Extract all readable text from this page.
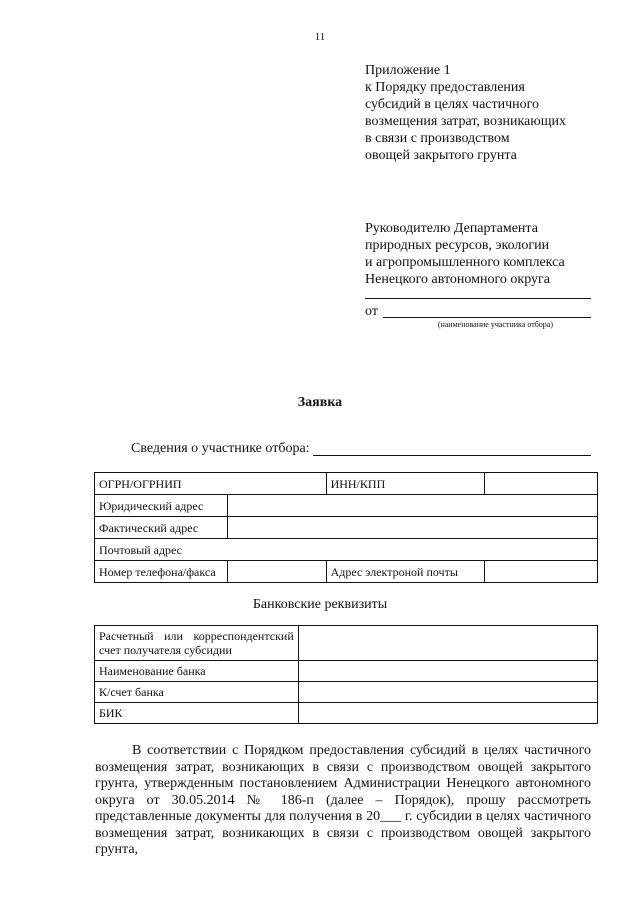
11
Приложение 1
к Порядку предоставления
субсидий в целях частичного
возмещения затрат, возникающих
в связи с производством
овощей закрытого грунта
Руководителю Департамента
природных ресурсов, экологии
и агропромышленного комплекса
Ненецкого автономного округа
от
(наименование участника отбора)
Заявка
Сведения о участнике отбора:
ОГРН/ОГРНИП		ИНН/КПП	
Юридический адрес			
Фактический адрес			
Почтовый адрес			
Номер телефона/факса		Адрес электроной почты	
Банковские реквизиты
Расчетный или корреспондентский
счет получателя субсидии	

Наименование банка	
К/счет банка	
БИК	
В соответствии с Порядком предоставления субсидий в целях частичного возмещения затрат, возникающих в связи с производством овощей закрытого грунта, утвержденным постановлением Администрации Ненецкого автономного округа от 30.05.2014 № 186-п (далее – Порядок), прошу рассмотреть представленные документы для получения в 20___ г. субсидии в целях частичного возмещения затрат, возникающих в связи с производством овощей закрытого грунта,
